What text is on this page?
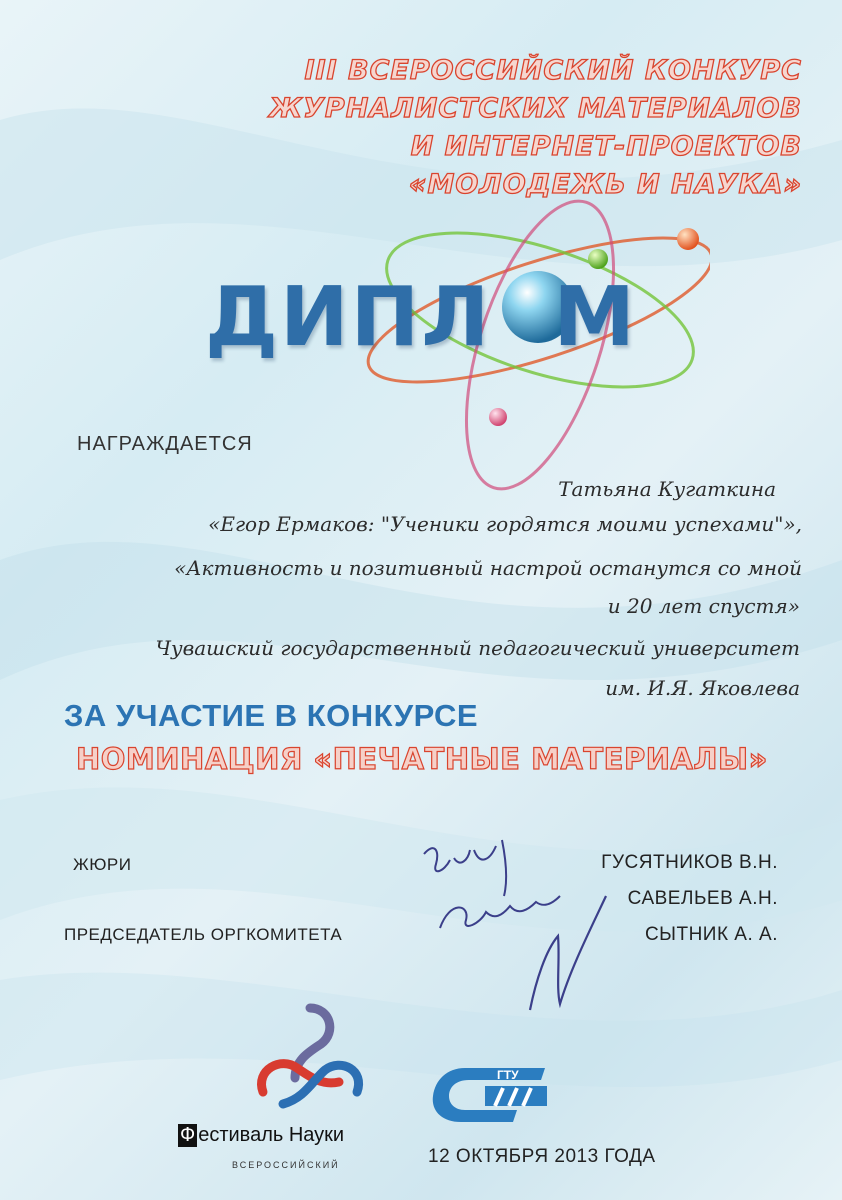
III ВСЕРОССИЙСКИЙ КОНКУРС
ЖУРНАЛИСТСКИХ МАТЕРИАЛОВ
И ИНТЕРНЕТ-ПРОЕКТОВ
«МОЛОДЕЖЬ И НАУКА»
ДИПЛ М
НАГРАЖДАЕТСЯ
Татьяна Кугаткина
«Егор Ермаков: "Ученики гордятся моими успехами"»,
«Активность и позитивный настрой останутся со мной
и 20 лет спустя»
Чувашский государственный педагогический университет
им. И.Я. Яковлева
ЗА УЧАСТИЕ В КОНКУРСЕ
НОМИНАЦИЯ «ПЕЧАТНЫЕ МАТЕРИАЛЫ»
ЖЮРИ
ПРЕДСЕДАТЕЛЬ ОРГКОМИТЕТА
ГУСЯТНИКОВ В.Н.
САВЕЛЬЕВ А.Н.
СЫТНИК А. А.
Ф естиваль Науки
ВСЕРОССИЙСКИЙ
ГТУ
12 ОКТЯБРЯ 2013 ГОДА
